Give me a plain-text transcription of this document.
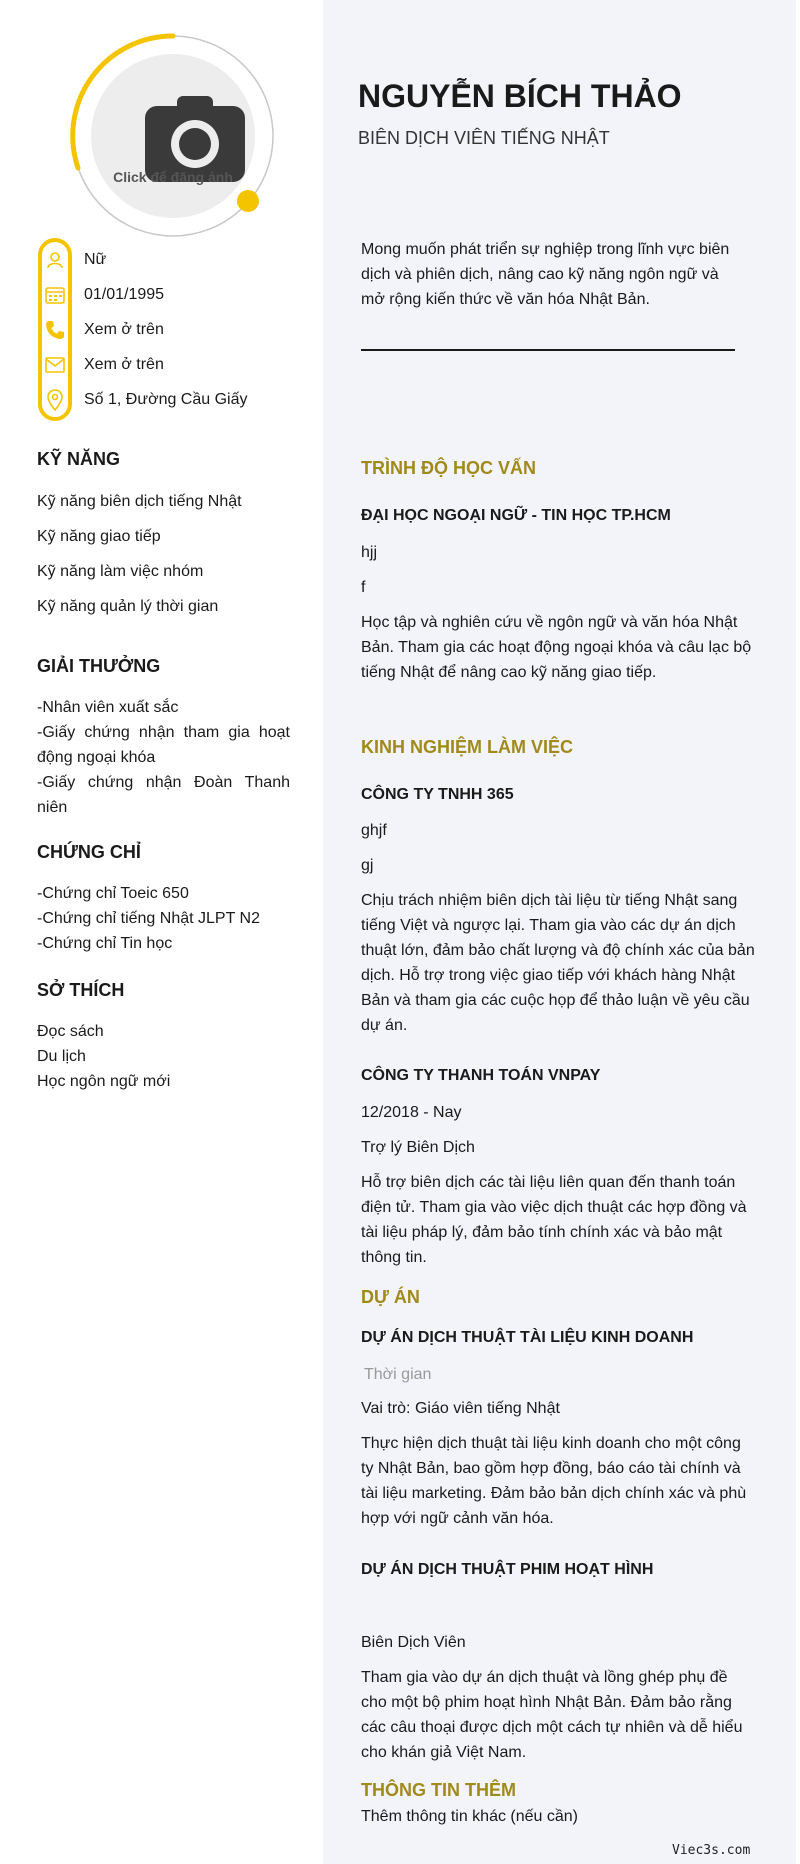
Click để đăng ảnh
Nữ
01/01/1995
Xem ở trên
Xem ở trên
Số 1, Đường Cầu Giấy
KỸ NĂNG
Kỹ năng biên dịch tiếng Nhật
Kỹ năng giao tiếp
Kỹ năng làm việc nhóm
Kỹ năng quản lý thời gian
GIẢI THƯỞNG
-Nhân viên xuất sắc
-Giấy chứng nhận tham gia hoạt động ngoại khóa
-Giấy chứng nhận Đoàn Thanh niên
CHỨNG CHỈ
-Chứng chỉ Toeic 650
-Chứng chỉ tiếng Nhật JLPT N2
-Chứng chỉ Tin học
SỞ THÍCH
Đọc sách
Du lịch
Học ngôn ngữ mới
NGUYỄN BÍCH THẢO
BIÊN DỊCH VIÊN TIẾNG NHẬT
Mong muốn phát triển sự nghiệp trong lĩnh vực biên dịch và phiên dịch, nâng cao kỹ năng ngôn ngữ và mở rộng kiến thức về văn hóa Nhật Bản.
TRÌNH ĐỘ HỌC VẤN
ĐẠI HỌC NGOẠI NGỮ - TIN HỌC TP.HCM
hjj
f
Học tập và nghiên cứu về ngôn ngữ và văn hóa Nhật Bản. Tham gia các hoạt động ngoại khóa và câu lạc bộ tiếng Nhật để nâng cao kỹ năng giao tiếp.
KINH NGHIỆM LÀM VIỆC
CÔNG TY TNHH 365
ghjf
gj
Chịu trách nhiệm biên dịch tài liệu từ tiếng Nhật sang tiếng Việt và ngược lại. Tham gia vào các dự án dịch thuật lớn, đảm bảo chất lượng và độ chính xác của bản dịch. Hỗ trợ trong việc giao tiếp với khách hàng Nhật Bản và tham gia các cuộc họp để thảo luận về yêu cầu dự án.
CÔNG TY THANH TOÁN VNPAY
12/2018 - Nay
Trợ lý Biên Dịch
Hỗ trợ biên dịch các tài liệu liên quan đến thanh toán điện tử. Tham gia vào việc dịch thuật các hợp đồng và tài liệu pháp lý, đảm bảo tính chính xác và bảo mật thông tin.
DỰ ÁN
DỰ ÁN DỊCH THUẬT TÀI LIỆU KINH DOANH
Thời gian
Vai trò: Giáo viên tiếng Nhật
Thực hiện dịch thuật tài liệu kinh doanh cho một công ty Nhật Bản, bao gồm hợp đồng, báo cáo tài chính và tài liệu marketing. Đảm bảo bản dịch chính xác và phù hợp với ngữ cảnh văn hóa.
DỰ ÁN DỊCH THUẬT PHIM HOẠT HÌNH
Biên Dịch Viên
Tham gia vào dự án dịch thuật và lồng ghép phụ đề cho một bộ phim hoạt hình Nhật Bản. Đảm bảo rằng các câu thoại được dịch một cách tự nhiên và dễ hiểu cho khán giả Việt Nam.
THÔNG TIN THÊM
Thêm thông tin khác (nếu cần)
Viec3s.com
